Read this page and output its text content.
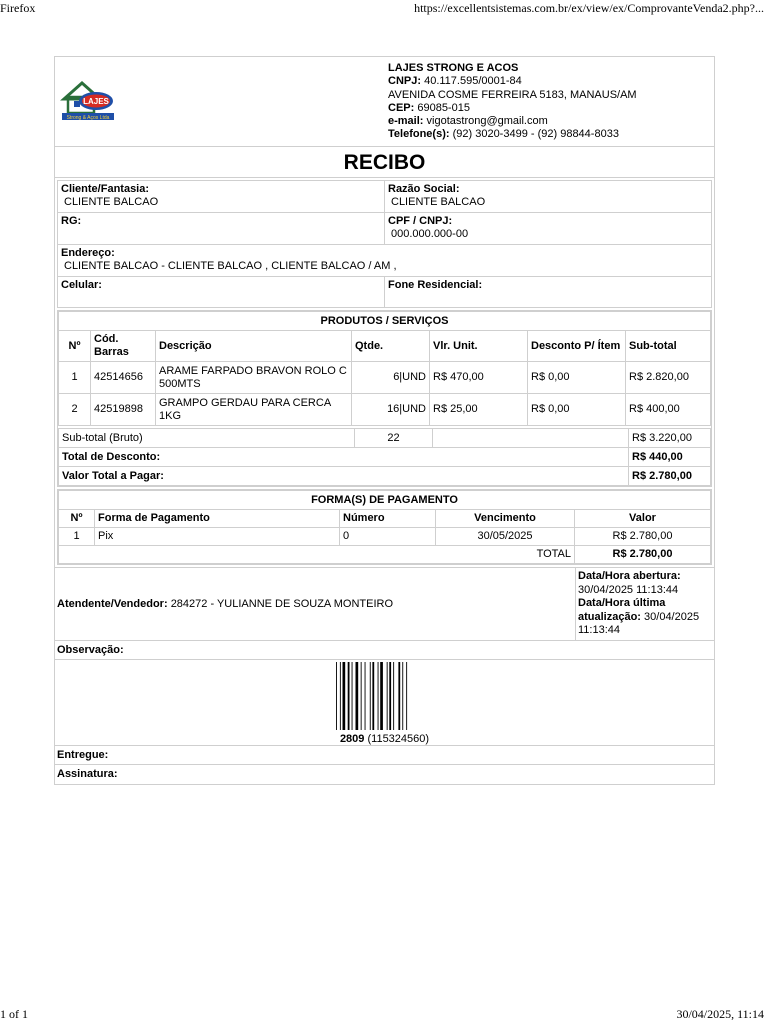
Firefox	https://excellentsistemas.com.br/ex/view/ex/ComprovanteVenda2.php?...
LAJES
Strong & Aços Ltda
LAJES STRONG E ACOS
CNPJ: 40.117.595/0001-84
AVENIDA COSME FERREIRA 5183, MANAUS/AM
CEP: 69085-015
e-mail: vigotastrong@gmail.com
Telefone(s): (92) 3020-3499 - (92) 98844-8033
RECIBO
Cliente/Fantasia:
CLIENTE BALCAO
Razão Social:
CLIENTE BALCAO
RG:	CPF / CNPJ:
000.000.000-00
Endereço:
CLIENTE BALCAO - CLIENTE BALCAO , CLIENTE BALCAO / AM ,
Celular:	Fone Residencial:
PRODUTOS / SERVIÇOS						
Nº	Cód. Barras	Descrição	Qtde.	Vlr. Unit.	Desconto P/ Ítem	Sub-total
1	42514656	ARAME FARPADO BRAVON ROLO C 500MTS	6|UND	R$ 470,00	R$ 0,00	R$ 2.820,00
2	42519898	GRAMPO GERDAU PARA CERCA 1KG	16|UND	R$ 25,00	R$ 0,00	R$ 400,00
Sub-total (Bruto)	22		R$ 3.220,00
Total de Desconto:			R$ 440,00
Valor Total a Pagar:			R$ 2.780,00
FORMA(S) DE PAGAMENTO				
Nº	Forma de Pagamento	Número	Vencimento	Valor
1	Pix	0	30/05/2025	R$ 2.780,00
TOTAL				R$ 2.780,00
Atendente/Vendedor: 284272 - YULIANNE DE SOUZA MONTEIRO
Data/Hora abertura:
30/04/2025 11:13:44
Data/Hora última atualização: 30/04/2025 11:13:44
Observação:
2809 (115324560)
Entregue:
Assinatura:
1 of 1	30/04/2025, 11:14
